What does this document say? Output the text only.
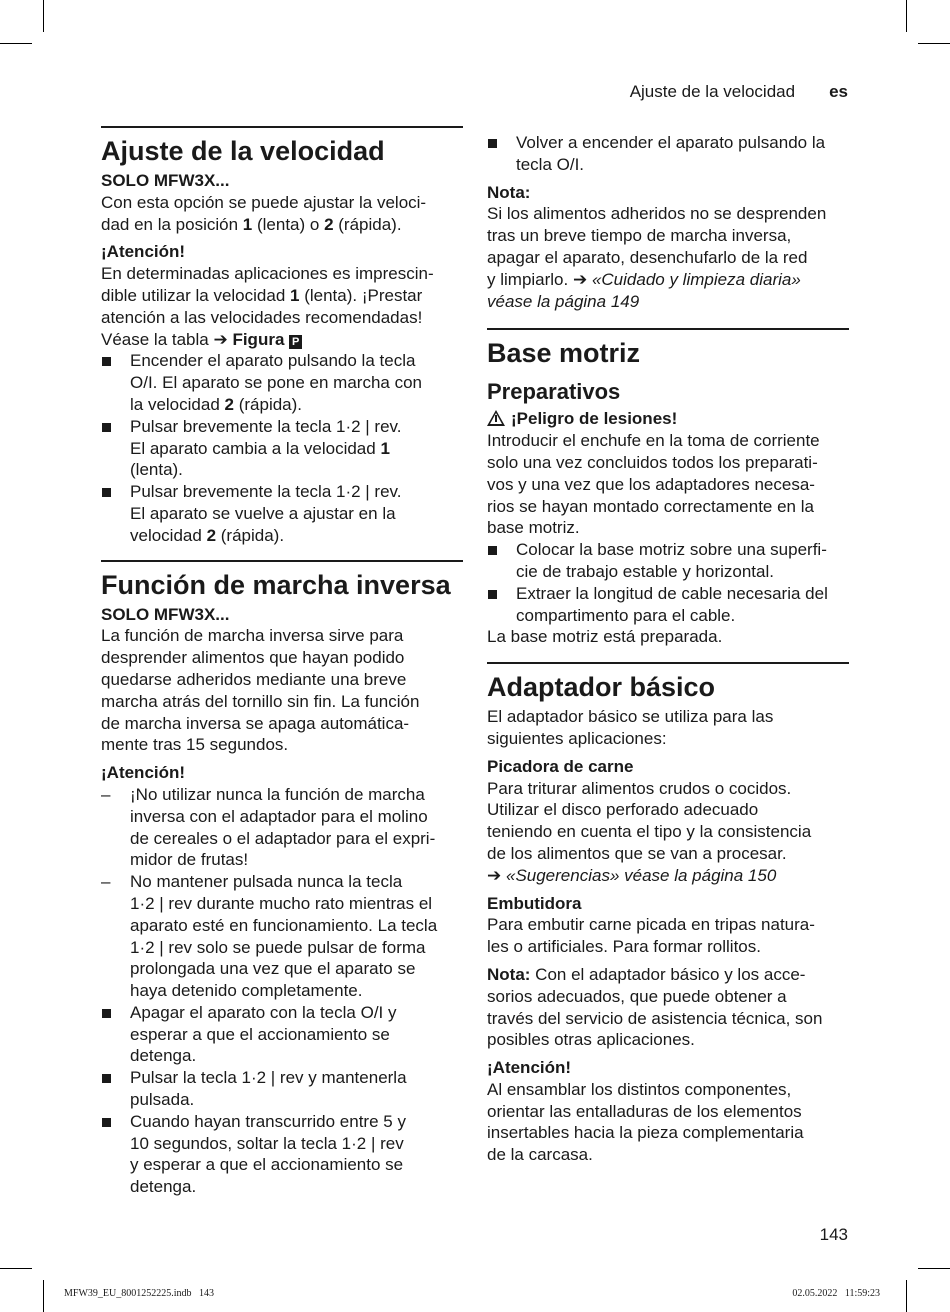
Ajuste de la velocidad es
Ajuste de la velocidad

SOLO MFW3X...

Con esta opción se puede ajustar la veloci-

dad en la posición 1 (lenta) o 2 (rápida).

¡Atención!

En determinadas aplicaciones es imprescin-

dible utilizar la velocidad 1 (lenta). ¡Prestar

atención a las velocidades recomendadas!

Véase la tabla ➔ Figura P

Encender el aparato pulsando la tecla

O/I. El aparato se pone en marcha con

la velocidad 2 (rápida).

Pulsar brevemente la tecla 1·2 | rev.

El aparato cambia a la velocidad 1

(lenta).

Pulsar brevemente la tecla 1·2 | rev.

El aparato se vuelve a ajustar en la

velocidad 2 (rápida).

Función de marcha inversa

SOLO MFW3X...

La función de marcha inversa sirve para

desprender alimentos que hayan podido

quedarse adheridos mediante una breve

marcha atrás del tornillo sin fin. La función

de marcha inversa se apaga automática-

mente tras 15 segundos.

¡Atención!

–	¡No utilizar nunca la función de marcha

inversa con el adaptador para el molino

de cereales o el adaptador para el expri-

midor de frutas!

–	No mantener pulsada nunca la tecla

1·2 | rev durante mucho rato mientras el

aparato esté en funcionamiento. La tecla

1·2 | rev solo se puede pulsar de forma

prolongada una vez que el aparato se

haya detenido completamente.

Apagar el aparato con la tecla O/I y

esperar a que el accionamiento se

detenga.

Pulsar la tecla 1·2 | rev y mantenerla

pulsada.

Cuando hayan transcurrido entre 5 y

10 segundos, soltar la tecla 1·2 | rev

y esperar a que el accionamiento se

detenga.

Volver a encender el aparato pulsando la

tecla O/I.

Nota:

Si los alimentos adheridos no se desprenden

tras un breve tiempo de marcha inversa,

apagar el aparato, desenchufarlo de la red

y limpiarlo. ➔ «Cuidado y limpieza diaria»

véase la página 149

Base motriz
Preparativos

¡Peligro de lesiones!

Introducir el enchufe en la toma de corriente

solo una vez concluidos todos los preparati-

vos y una vez que los adaptadores necesa-

rios se hayan montado correctamente en la

base motriz.

Colocar la base motriz sobre una superfi-

cie de trabajo estable y horizontal.

Extraer la longitud de cable necesaria del

compartimento para el cable.

La base motriz está preparada.

Adaptador básico

El adaptador básico se utiliza para las

siguientes aplicaciones:

Picadora de carne

Para triturar alimentos crudos o cocidos.

Utilizar el disco perforado adecuado

teniendo en cuenta el tipo y la consistencia

de los alimentos que se van a procesar.

➔ «Sugerencias» véase la página 150

Embutidora

Para embutir carne picada en tripas natura-

les o artificiales. Para formar rollitos.

Nota: Con el adaptador básico y los acce-

sorios adecuados, que puede obtener a

través del servicio de asistencia técnica, son

posibles otras aplicaciones.

¡Atención!

Al ensamblar los distintos componentes,

orientar las entalladuras de los elementos

insertables hacia la pieza complementaria

de la carcasa.

143
MFW39_EU_8001252225.indb   143	02.05.2022   11:59:23
